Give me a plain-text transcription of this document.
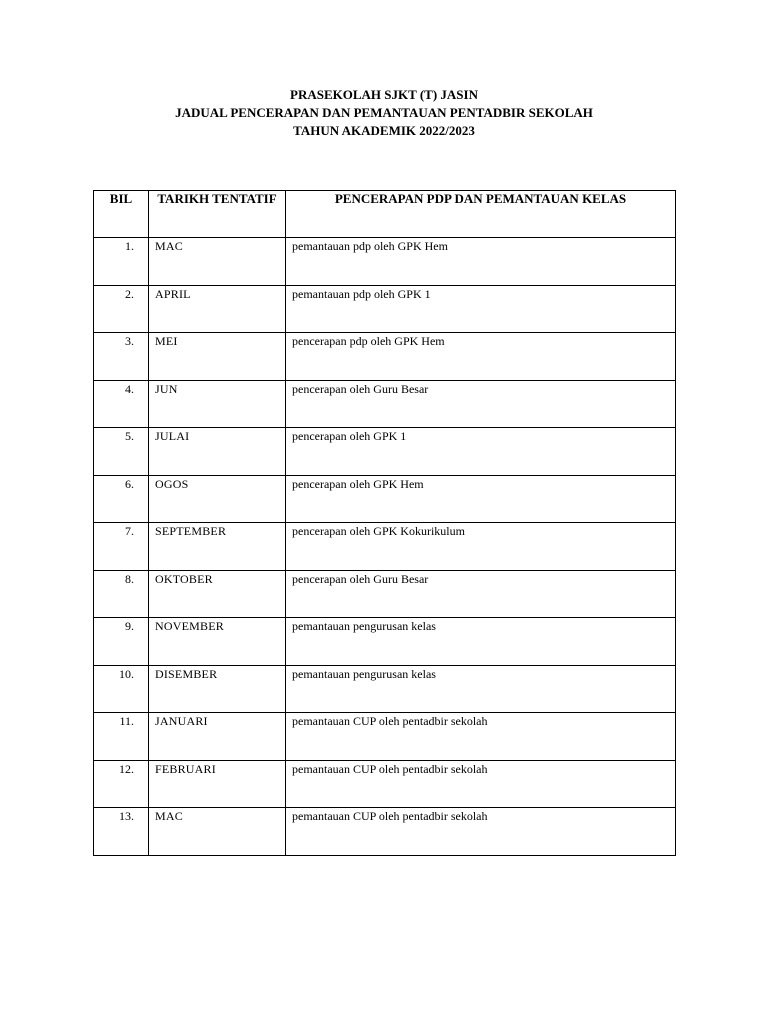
PRASEKOLAH SJKT (T) JASIN
JADUAL PENCERAPAN DAN PEMANTAUAN PENTADBIR SEKOLAH
TAHUN AKADEMIK 2022/2023
BIL	TARIKH TENTATIF	PENCERAPAN PDP DAN PEMANTAUAN KELAS
1.	MAC	pemantauan pdp oleh GPK Hem
2.	APRIL	pemantauan pdp oleh GPK 1
3.	MEI	pencerapan pdp oleh GPK Hem
4.	JUN	pencerapan oleh Guru Besar
5.	JULAI	pencerapan oleh GPK 1
6.	OGOS	pencerapan oleh GPK Hem
7.	SEPTEMBER	pencerapan oleh GPK Kokurikulum
8.	OKTOBER	pencerapan oleh Guru Besar
9.	NOVEMBER	pemantauan pengurusan kelas
10.	DISEMBER	pemantauan pengurusan kelas
11.	JANUARI	pemantauan CUP oleh pentadbir sekolah
12.	FEBRUARI	pemantauan CUP oleh pentadbir sekolah
13.	MAC	pemantauan CUP oleh pentadbir sekolah
